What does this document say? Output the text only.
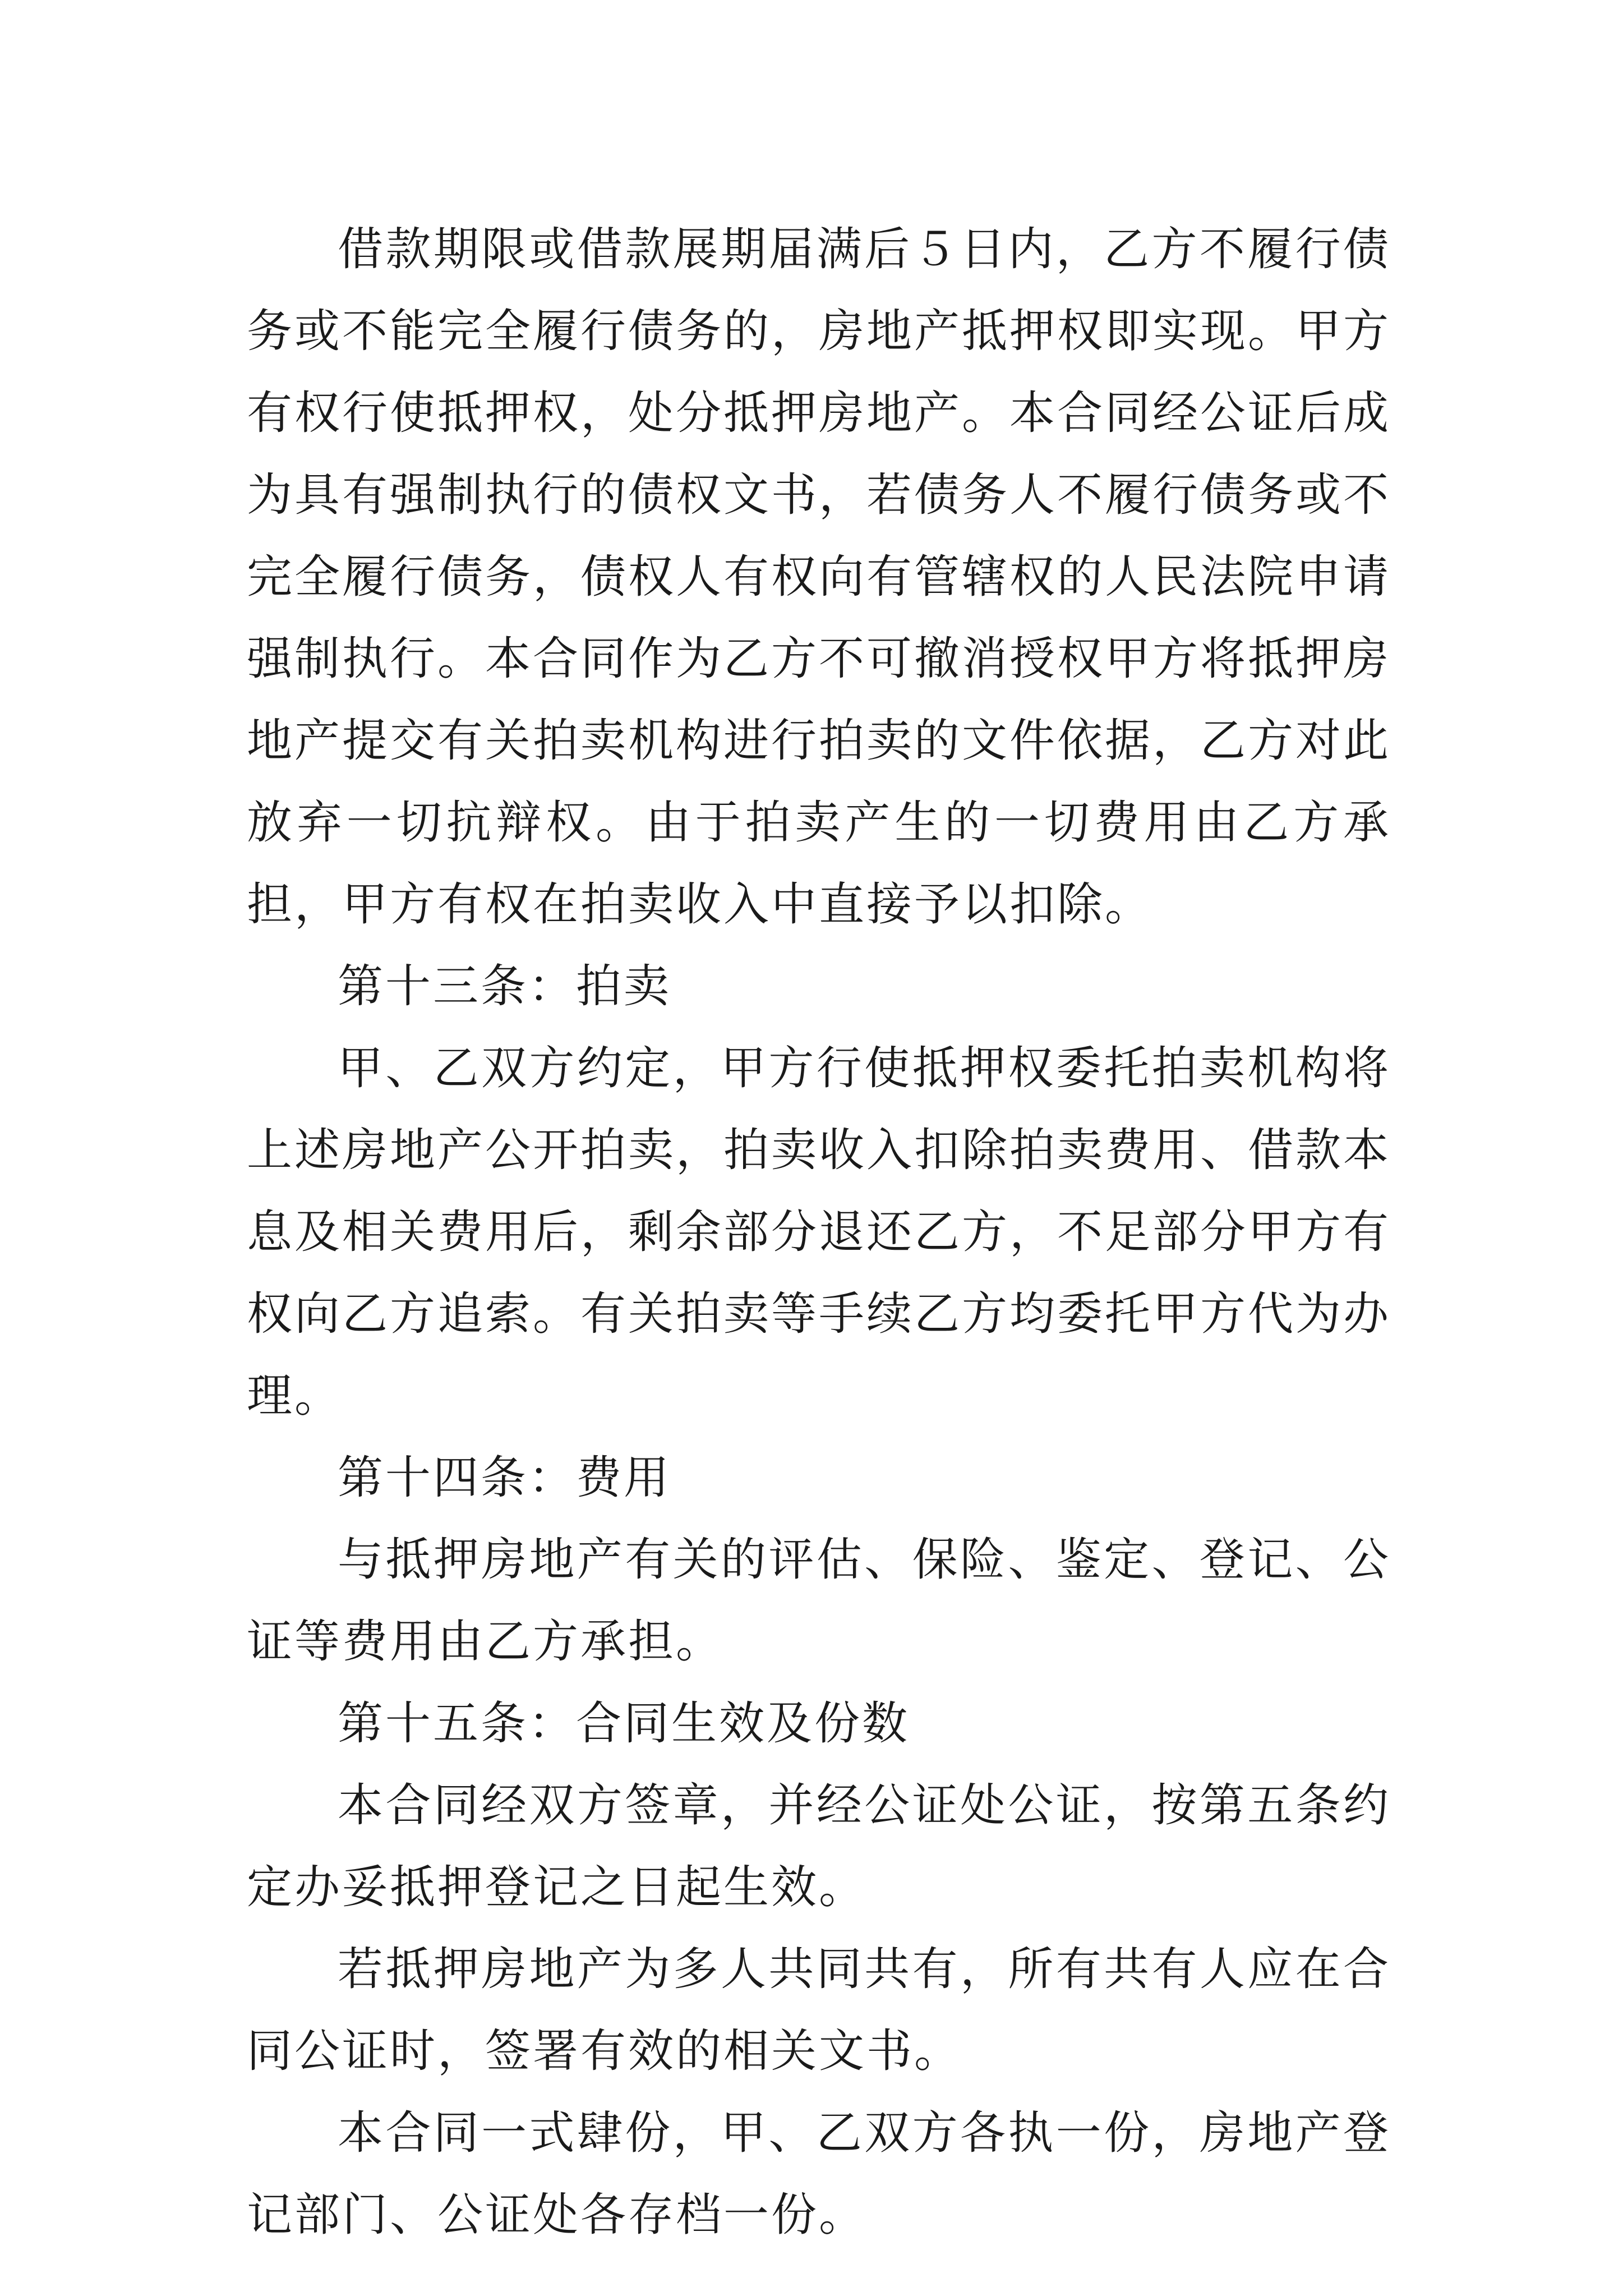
借款期限或借款展期届满后５日内，乙方不履行债务或不能完全履行债务的，房地产抵押权即实现。甲方有权行使抵押权，处分抵押房地产。本合同经公证后成为具有强制执行的债权文书，若债务人不履行债务或不完全履行债务，债权人有权向有管辖权的人民法院申请强制执行。本合同作为乙方不可撤消授权甲方将抵押房地产提交有关拍卖机构进行拍卖的文件依据，乙方对此放弃一切抗辩权。由于拍卖产生的一切费用由乙方承担，甲方有权在拍卖收入中直接予以扣除。

第十三条：拍卖

甲、乙双方约定，甲方行使抵押权委托拍卖机构将上述房地产公开拍卖，拍卖收入扣除拍卖费用、借款本息及相关费用后，剩余部分退还乙方，不足部分甲方有权向乙方追索。有关拍卖等手续乙方均委托甲方代为办理。

第十四条：费用

与抵押房地产有关的评估、保险、鉴定、登记、公证等费用由乙方承担。

第十五条：合同生效及份数

本合同经双方签章，并经公证处公证，按第五条约定办妥抵押登记之日起生效。

若抵押房地产为多人共同共有，所有共有人应在合同公证时，签署有效的相关文书。

本合同一式肆份，甲、乙双方各执一份，房地产登记部门、公证处各存档一份。
